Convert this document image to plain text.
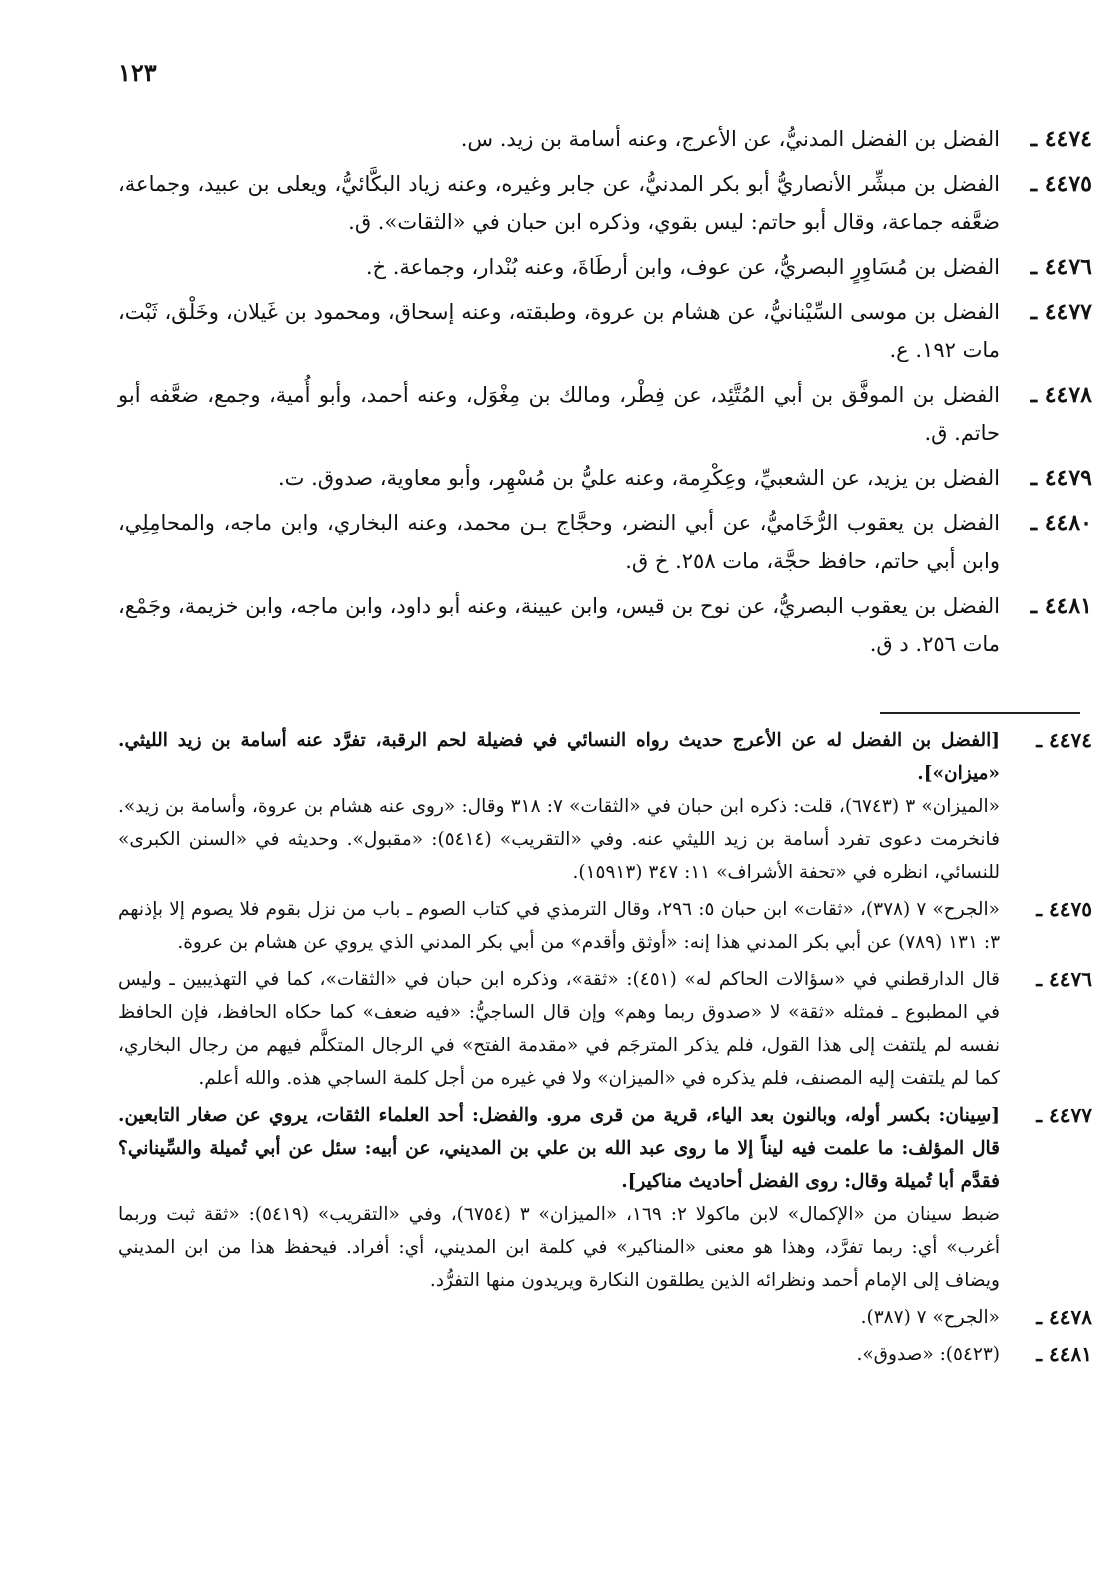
١٢٣
٤٤٧٤ ـ
الفضل بن الفضل المدنيُّ، عن الأعرج، وعنه أسامة بن زيد. س.
٤٤٧٥ ـ
الفضل بن مبشِّر الأنصاريُّ أبو بكر المدنيُّ، عن جابر وغيره، وعنه زياد البكَّائيُّ، ويعلى بن عبيد، وجماعة، ضعَّفه جماعة، وقال أبو حاتم: ليس بقوي، وذكره ابن حبان في «الثقات». ق.
٤٤٧٦ ـ
الفضل بن مُسَاوِرٍ البصريُّ، عن عوف، وابن أرطَاةَ، وعنه بُنْدار، وجماعة. خ.
٤٤٧٧ ـ
الفضل بن موسى السِّيْنانيُّ، عن هشام بن عروة، وطبقته، وعنه إسحاق، ومحمود بن غَيلان، وخَلْق، ثَبْت، مات ١٩٢. ع.
٤٤٧٨ ـ
الفضل بن الموفَّق بن أبي المُتَّئِد، عن فِطْر، ومالك بن مِغْوَل، وعنه أحمد، وأبو أُمية، وجمع، ضعَّفه أبو حاتم. ق.
٤٤٧٩ ـ
الفضل بن يزيد، عن الشعبيِّ، وعِكْرِمة، وعنه عليُّ بن مُسْهِر، وأبو معاوية، صدوق. ت.
٤٤٨٠ ـ
الفضل بن يعقوب الرُّخَاميُّ، عن أبي النضر، وحجَّاج بـن محمد، وعنه البخاري، وابن ماجه، والمحامِلِي، وابن أبي حاتم، حافظ حجَّة، مات ٢٥٨. خ ق.
٤٤٨١ ـ
الفضل بن يعقوب البصريُّ، عن نوح بن قيس، وابن عيينة، وعنه أبو داود، وابن ماجه، وابن خزيمة، وجَمْع، مات ٢٥٦. د ق.
٤٤٧٤ ـ

[الفضل بن الفضل له عن الأعرج حديث رواه النسائي في فضيلة لحم الرقبة، تفرَّد عنه أسامة بن زيد الليثي. «ميزان»].

«الميزان» ٣ (٦٧٤٣)، قلت: ذكره ابن حبان في «الثقات» ٧: ٣١٨ وقال: «روى عنه هشام بن عروة، وأسامة بن زيد». فانخرمت دعوى تفرد أسامة بن زيد الليثي عنه. وفي «التقريب» (٥٤١٤): «مقبول». وحديثه في «السنن الكبرى» للنسائي، انظره في «تحفة الأشراف» ١١: ٣٤٧ (١٥٩١٣).

٤٤٧٥ ـ

«الجرح» ٧ (٣٧٨)، «ثقات» ابن حبان ٥: ٢٩٦، وقال الترمذي في كتاب الصوم ـ باب من نزل بقوم فلا يصوم إلا بإذنهم ٣: ١٣١ (٧٨٩) عن أبي بكر المدني هذا إنه: «أوثق وأقدم» من أبي بكر المدني الذي يروي عن هشام بن عروة.

٤٤٧٦ ـ

قال الدارقطني في «سؤالات الحاكم له» (٤٥١): «ثقة»، وذكره ابن حبان في «الثقات»، كما في التهذيبين ـ وليس في المطبوع ـ فمثله «ثقة» لا «صدوق ربما وهم» وإن قال الساجيُّ: «فيه ضعف» كما حكاه الحافظ، فإن الحافظ نفسه لم يلتفت إلى هذا القول، فلم يذكر المترجَم في «مقدمة الفتح» في الرجال المتكلَّم فيهم من رجال البخاري، كما لم يلتفت إليه المصنف، فلم يذكره في «الميزان» ولا في غيره من أجل كلمة الساجي هذه. والله أعلم.

٤٤٧٧ ـ

[سِينان: بكسر أوله، وبالنون بعد الياء، قرية من قرى مرو. والفضل: أحد العلماء الثقات، يروي عن صغار التابعين. قال المؤلف: ما علمت فيه ليناً إلا ما روى عبد الله بن علي بن المديني، عن أبيه: سئل عن أبي تُميلة والسِّيناني؟ فقدَّم أبا تُميلة وقال: روى الفضل أحاديث مناكير].

ضبط سينان من «الإكمال» لابن ماكولا ٢: ١٦٩، «الميزان» ٣ (٦٧٥٤)، وفي «التقريب» (٥٤١٩): «ثقة ثبت وربما أغرب» أي: ربما تفرَّد، وهذا هو معنى «المناكير» في كلمة ابن المديني، أي: أفراد. فيحفظ هذا من ابن المديني ويضاف إلى الإمام أحمد ونظرائه الذين يطلقون النكارة ويريدون منها التفرُّد.

٤٤٧٨ ـ

«الجرح» ٧ (٣٨٧).

٤٤٨١ ـ

(٥٤٢٣): «صدوق».
